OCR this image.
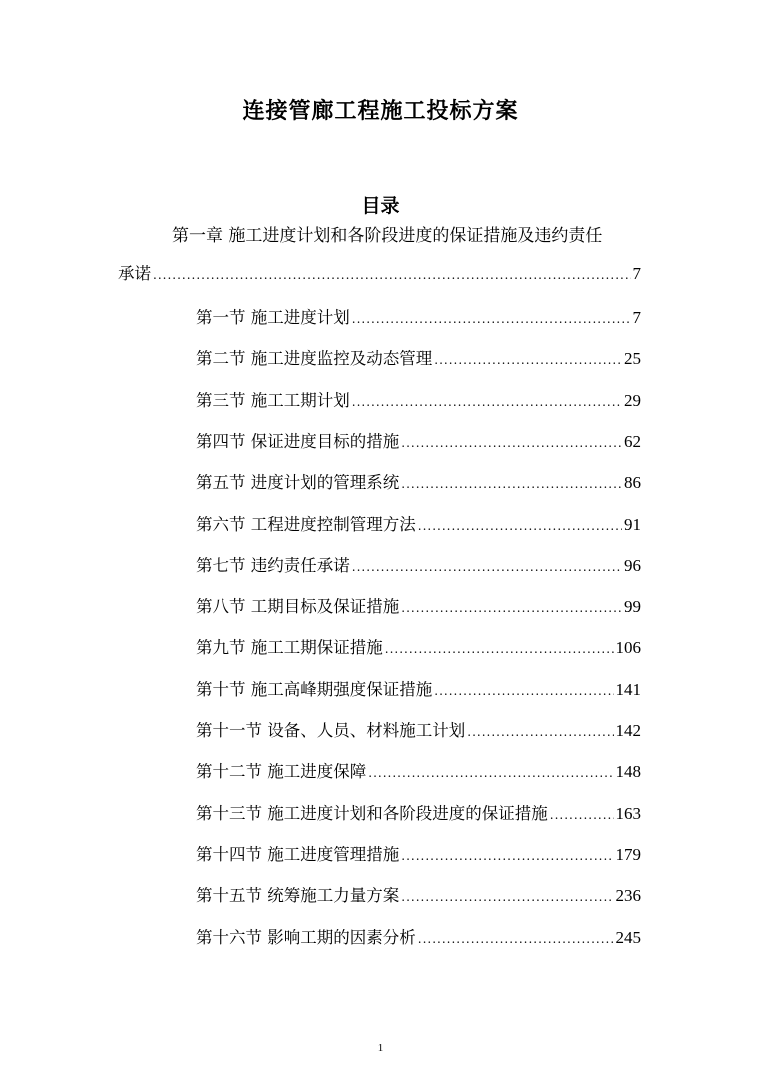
连接管廊工程施工投标方案
目录
第一章 施工进度计划和各阶段进度的保证措施及违约责任
承诺 .....	7
第一节 施工进度计划 .....	7
第二节 施工进度监控及动态管理 .....	25
第三节 施工工期计划 .....	29
第四节 保证进度目标的措施 .....	62
第五节 进度计划的管理系统 .....	86
第六节 工程进度控制管理方法 .....	91
第七节 违约责任承诺 .....	96
第八节 工期目标及保证措施 .....	99
第九节 施工工期保证措施 .....	106
第十节 施工高峰期强度保证措施 .....	141
第十一节 设备、人员、材料施工计划 .....	142
第十二节 施工进度保障 .....	148
第十三节 施工进度计划和各阶段进度的保证措施 .....	163
第十四节 施工进度管理措施 .....	179
第十五节 统筹施工力量方案 .....	236
第十六节 影响工期的因素分析 .....	245
1
